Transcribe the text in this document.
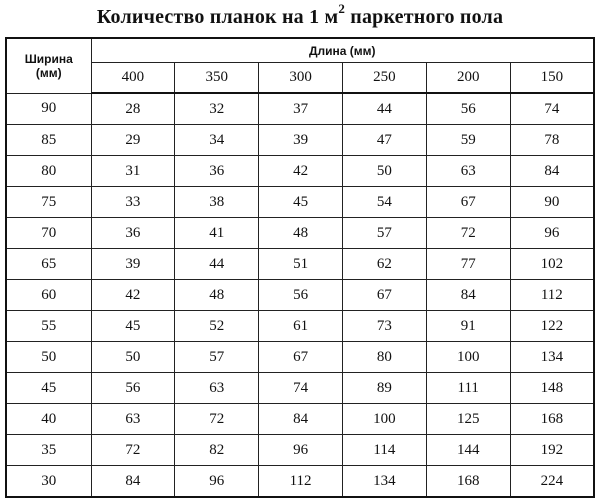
Количество планок на 1 $м^2$ паркетного пола
Ширина
(мм)	Длина (мм)					
	400	350	300	250	200	150
90	28	32	37	44	56	74
85	29	34	39	47	59	78
80	31	36	42	50	63	84
75	33	38	45	54	67	90
70	36	41	48	57	72	96
65	39	44	51	62	77	102
60	42	48	56	67	84	112
55	45	52	61	73	91	122
50	50	57	67	80	100	134
45	56	63	74	89	111	148
40	63	72	84	100	125	168
35	72	82	96	114	144	192
30	84	96	112	134	168	224
